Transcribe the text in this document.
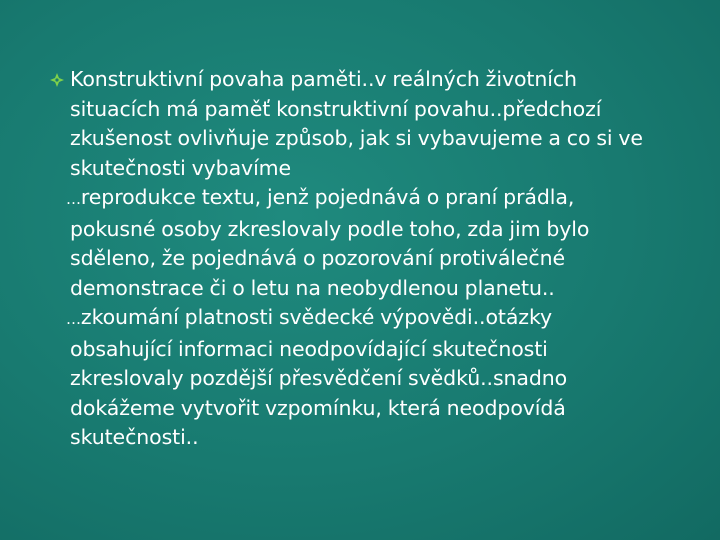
Konstruktivní povaha paměti..v reálných životních
situacích má paměť konstruktivní povahu..předchozí
zkušenost ovlivňuje způsob, jak si vybavujeme a co si ve
skutečnosti vybavíme
…reprodukce textu, jenž pojednává o praní prádla,
pokusné osoby zkreslovaly podle toho, zda jim bylo
sděleno, že pojednává o pozorování protiválečné
demonstrace či o letu na neobydlenou planetu..
…zkoumání platnosti svědecké výpovědi..otázky
obsahující informaci neodpovídající skutečnosti
zkreslovaly pozdější přesvědčení svědků..snadno
dokážeme vytvořit vzpomínku, která neodpovídá
skutečnosti..
